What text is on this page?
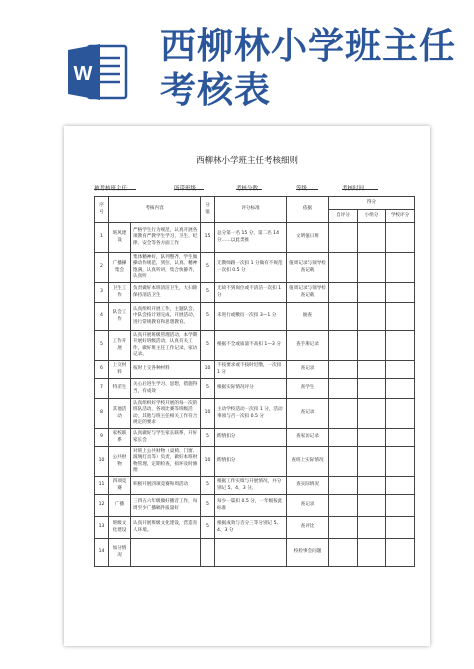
W
西柳林小学班主任考核表
西柳林小学班主任考核细则
被考核班主任	所带班级	考核分数	等级	考核时间
序号	考核内容		分值	评分标准	依据	得分		
						自评分	小组分	学校评分
1	班风建设	严格学生行为规范，认真开展各项教育严教学生学习，卫生、纪律、安全等各方面工作	15	总分第一名 15 分，第二名 14 分……以此类推	文明值日班			
2	广播操集会	集体精神好，队列整齐，学生做操动作规范，到位，认真、精神饱满，认真听讲，集合快静齐，认真听	5	无教师跟一次扣 1 分做有不规范一次扣 0.5 分	值周记录与领导检查记载			
3	卫生工作	负责做好本班清洁卫生，大扫除保持清洁卫生	5	无故不到岗位或不清洁一次扣 1 分	值周记录与领导检查记载			
4	队会工作	认真组织开展工作，主题队会、中队会按计划完成，开展活动，进行常规教育和思想教育。	5	未进行或敷衍一次扣 3—1 分	抽查			
5	工作开展	认真开展班级管理活动，本学期开展好班级活动，认真有关工作，做好班主任工作记录、家访记录。	5	根据不全或质量不高扣 1—3 分	查手册记录			
6	上交材料	按时上交各种材料	10	不按要求或不按时迟缴，一次扣 1 分	查记录			
7	特差生	关心后进生学习、思想，措施得当，有成效	5	根据实际情况评分	查学生			
8	其他活动	认真组织好学校开展的每一次的班队活动，各项比赛等班级活动，其他与班主任相关工作符合规定的要求	10	主动学校活动一次扣 1 分，活动事项与否一次扣 0.5 分	查记录			
9	家校联系	认真做好与学生家长联系，开好家长会	5	酌情扣分	查家访记录			
10	公共财物	对班上公共财物（桌椅、门窗、玻璃灯具等）负责，做好本班财物管理，定期检查，损坏及时修理	10	酌情扣分	查班上实际情况			
11	四项竞赛	积极开展四项竞赛和周活动	5	根据工作实绩与开展情况，并分别记 5、4、3 分。	查实际情况			
12	广播	三四五六年级做好播音工作，每周至少广播稿件质量好	5	每少一篇扣 0.5 分，一年级按此标准	查记录			
13	班级文化建设	认真开展班级文化建设，营造育人环境。	5	根据成效与否分三等分别记 5、4、3 分	查评比			
14	加分情况				校检事会问题			
